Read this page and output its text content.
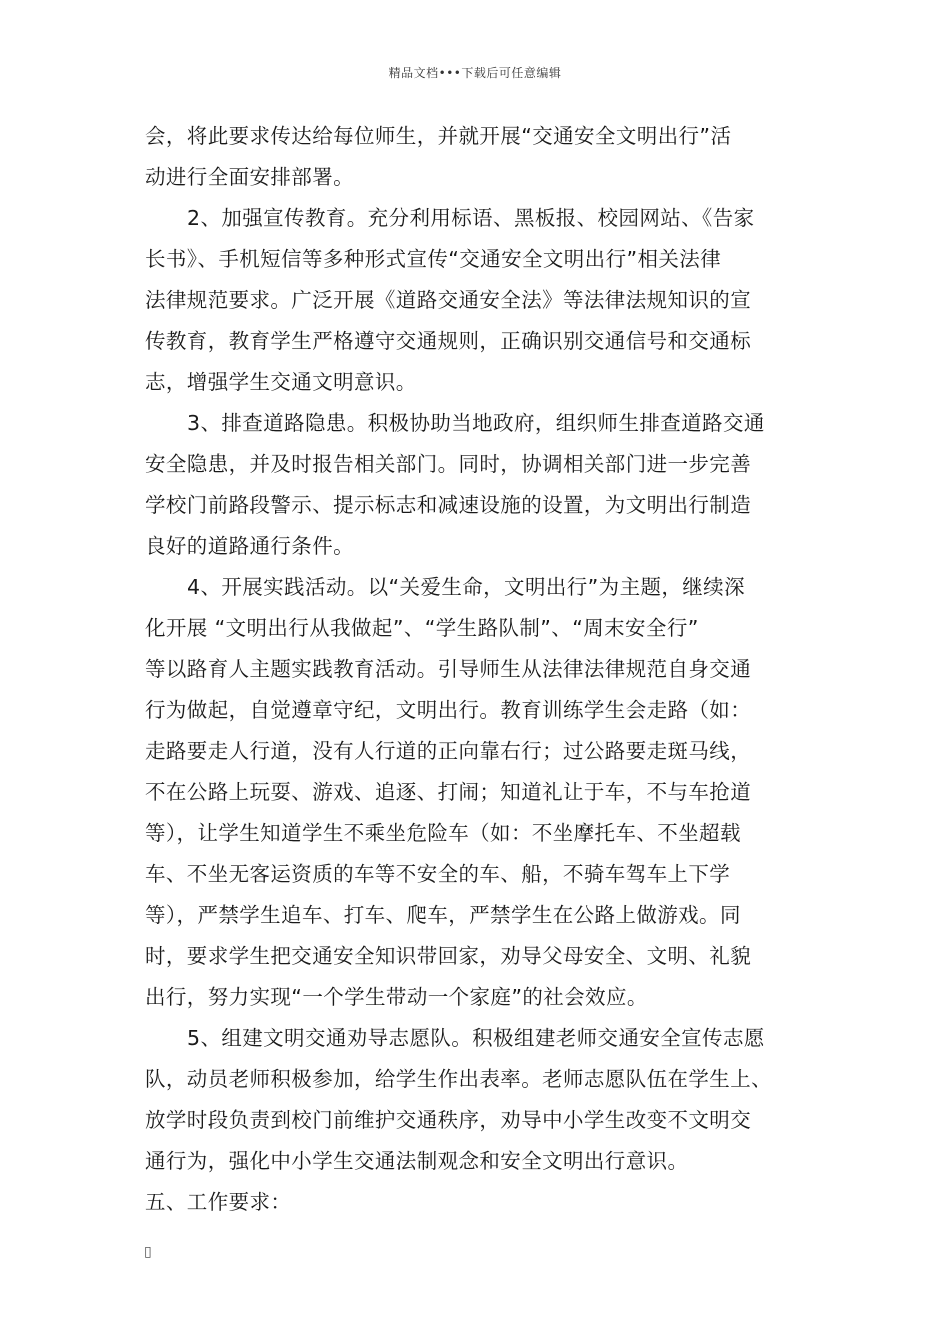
精品文档•••下载后可任意编辑
会，将此要求传达给每位师生，并就开展“交通安全文明出行”活
动进行全面安排部署。
2、加强宣传教育。充分利用标语、黑板报、校园网站、《告家
长书》、手机短信等多种形式宣传“交通安全文明出行”相关法律
法律规范要求。广泛开展《道路交通安全法》等法律法规知识的宣
传教育，教育学生严格遵守交通规则，正确识别交通信号和交通标
志，增强学生交通文明意识。
3、排查道路隐患。积极协助当地政府，组织师生排查道路交通
安全隐患，并及时报告相关部门。同时，协调相关部门进一步完善
学校门前路段警示、提示标志和减速设施的设置，为文明出行制造
良好的道路通行条件。
4、开展实践活动。以“关爱生命，文明出行”为主题，继续深
化开展 “文明出行从我做起”、“学生路队制”、“周末安全行”
等以路育人主题实践教育活动。引导师生从法律法律规范自身交通
行为做起，自觉遵章守纪，文明出行。教育训练学生会走路（如：
走路要走人行道，没有人行道的正向靠右行；过公路要走斑马线，
不在公路上玩耍、游戏、追逐、打闹；知道礼让于车，不与车抢道
等），让学生知道学生不乘坐危险车（如：不坐摩托车、不坐超载
车、不坐无客运资质的车等不安全的车、船，不骑车驾车上下学
等），严禁学生追车、打车、爬车，严禁学生在公路上做游戏。同
时，要求学生把交通安全知识带回家，劝导父母安全、文明、礼貌
出行，努力实现“一个学生带动一个家庭”的社会效应。
5、组建文明交通劝导志愿队。积极组建老师交通安全宣传志愿
队，动员老师积极参加，给学生作出表率。老师志愿队伍在学生上、
放学时段负责到校门前维护交通秩序，劝导中小学生改变不文明交
通行为，强化中小学生交通法制观念和安全文明出行意识。
五、工作要求：
▯
